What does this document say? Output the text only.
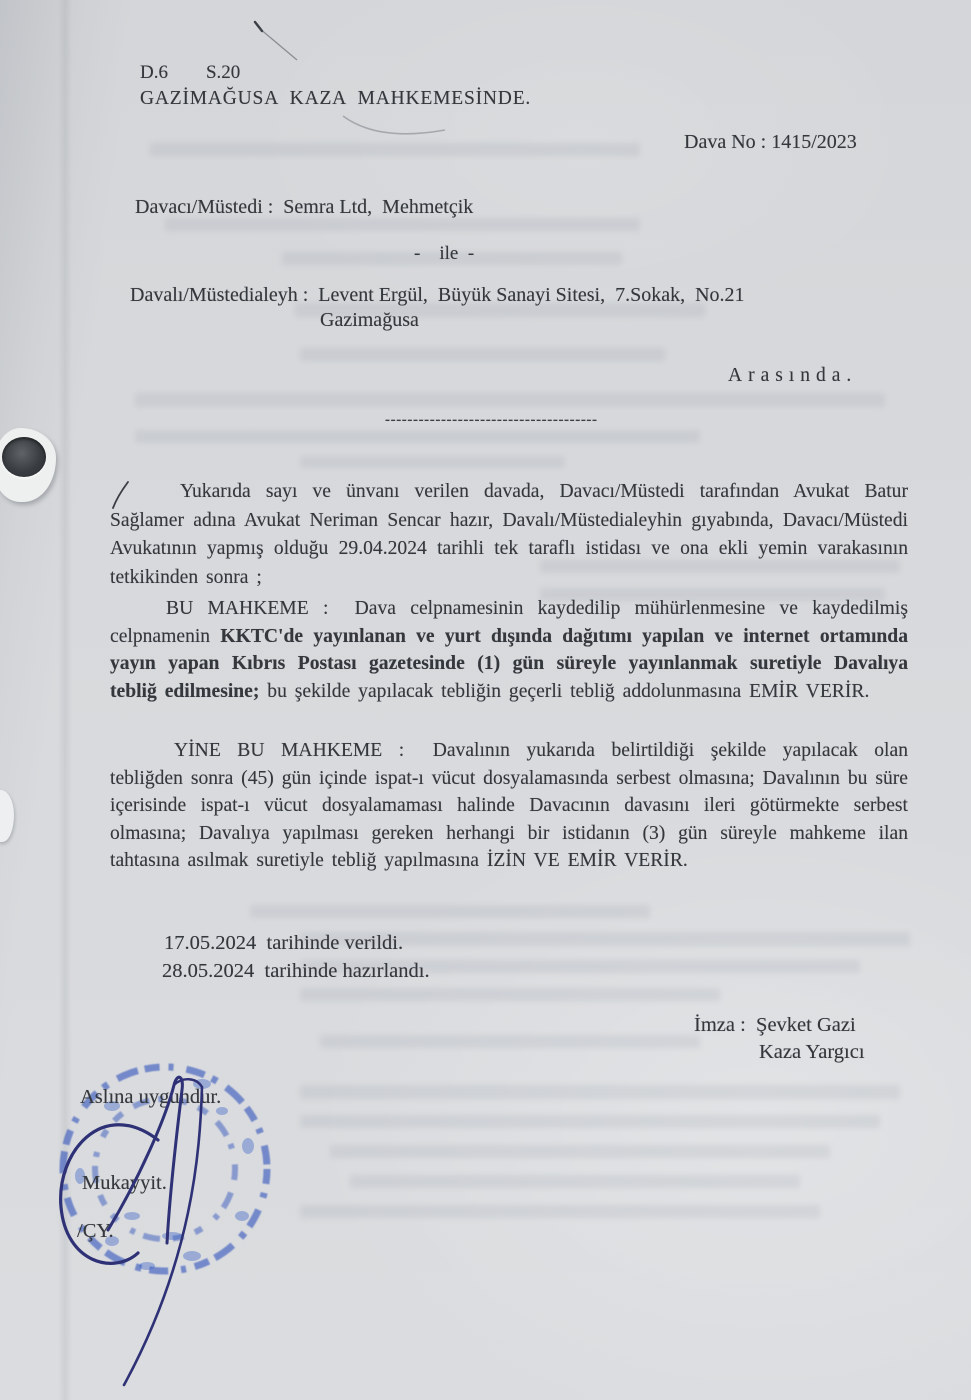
D.6        S.20
GAZİMAĞUSA KAZA MAHKEMESİNDE.
Dava No : 1415/2023
Davacı/Müstedi :  Semra Ltd,  Mehmetçik
-    ile  -
Davalı/Müstedialeyh :  Levent Ergül,  Büyük Sanayi Sitesi,  7.Sokak,  No.21
Gazimağusa
Arasında.
--------------------------------------
Yukarıda sayı ve ünvanı verilen davada, Davacı/Müstedi tarafından Avukat Batur Sağlamer adına Avukat Neriman Sencar hazır, Davalı/Müstedialeyhin gıyabında, Davacı/Müstedi Avukatının yapmış olduğu 29.04.2024 tarihli tek taraflı istidası ve ona ekli yemin varakasının tetkikinden sonra ;
BU MAHKEME : Dava celpnamesinin kaydedilip mühürlenmesine ve kaydedilmiş celpnamenin KKTC'de yayınlanan ve yurt dışında dağıtımı yapılan ve internet ortamında yayın yapan Kıbrıs Postası gazetesinde (1) gün süreyle yayınlanmak suretiyle Davalıya tebliğ edilmesine; bu şekilde yapılacak tebliğin geçerli tebliğ addolunmasına EMİR VERİR.
YİNE BU MAHKEME : Davalının yukarıda belirtildiği şekilde yapılacak olan tebliğden sonra (45) gün içinde ispat-ı vücut dosyalamasında serbest olmasına; Davalının bu süre içerisinde ispat-ı vücut dosyalamaması halinde Davacının davasını ileri götürmekte serbest olmasına; Davalıya yapılması gereken herhangi bir istidanın (3) gün süreyle mahkeme ilan tahtasına asılmak suretiyle tebliğ yapılmasına İZİN VE EMİR VERİR.
17.05.2024  tarihinde verildi.
28.05.2024  tarihinde hazırlandı.
İmza :  Şevket Gazi
Kaza Yargıcı
Aslına uygundur.
Mukayyit.
/ÇY.
